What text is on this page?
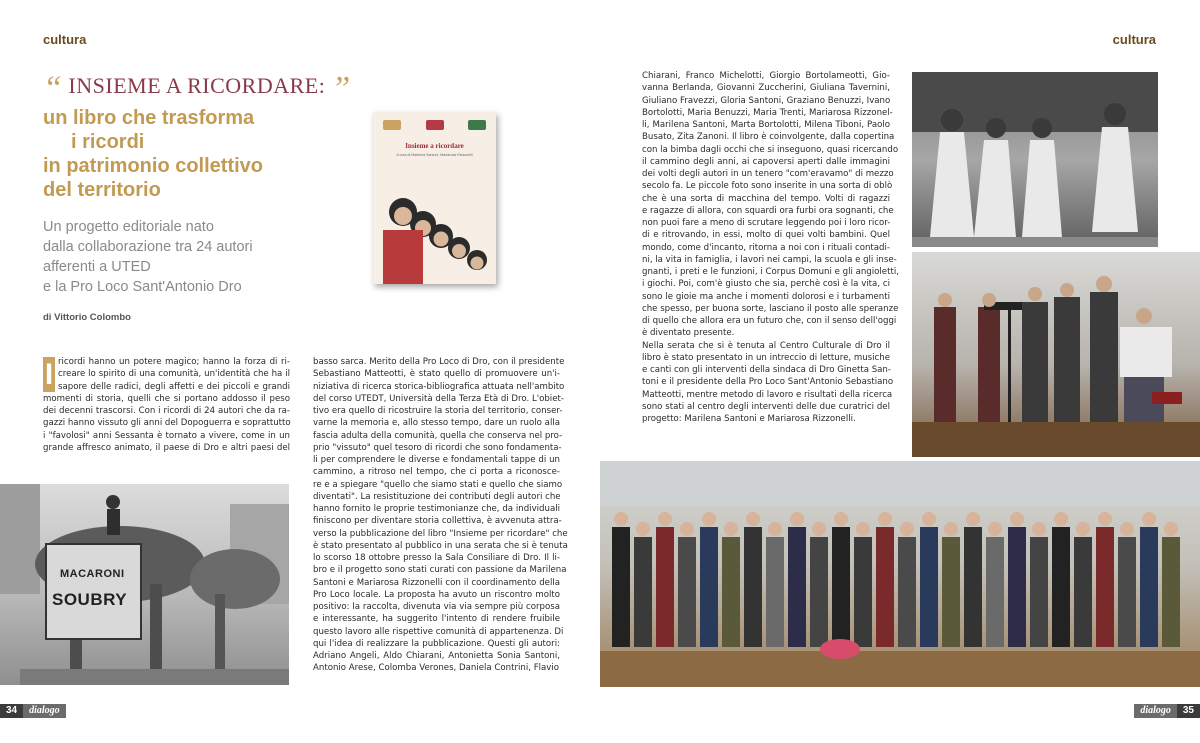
cultura	cultura
“ INSIEME A RICORDARE: ”
un libro che trasforma
i ricordi
in patrimonio collettivo
del territorio
Un progetto editoriale nato
dalla collaborazione tra 24 autori
afferenti a UTED
e la Pro Loco Sant'Antonio Dro
di Vittorio Colombo
Insieme a ricordare
A cura di Marilena Santoni, Mariarosa Rizzonelli
I ricordi hanno un potere magico; hanno la forza di ri-
creare lo spirito di una comunità, un'identità che ha il
sapore delle radici, degli affetti e dei piccoli e grandi
momenti di storia, quelli che si portano addosso il peso
dei decenni trascorsi. Con i ricordi di 24 autori che da ra-
gazzi hanno vissuto gli anni del Dopoguerra e soprattutto
i "favolosi" anni Sessanta è tornato a vivere, come in un
grande affresco animato, il paese di Dro e altri paesi del
basso sarca. Merito della Pro Loco di Dro, con il presidente
Sebastiano Matteotti, è stato quello di promuovere un'i-
niziativa di ricerca storica-bibliografica attuata nell'ambito
del corso UTEDT, Università della Terza Età di Dro. L'obiet-
tivo era quello di ricostruire la storia del territorio, conser-
varne la memoria e, allo stesso tempo, dare un ruolo alla
fascia adulta della comunità, quella che conserva nel pro-
prio "vissuto" quel tesoro di ricordi che sono fondamenta-
li per comprendere le diverse e fondamentali tappe di un
cammino, a ritroso nel tempo, che ci porta a riconosce-
re e a spiegare "quello che siamo stati e quello che siamo
diventati". La resistituzione dei contributi degli autori che
hanno fornito le proprie testimonianze che, da individuali
finiscono per diventare storia collettiva, è avvenuta attra-
verso la pubblicazione del libro "Insieme per ricordare" che
è stato presentato al pubblico in una serata che si è tenuta
lo scorso 18 ottobre presso la Sala Consiliare di Dro. Il li-
bro e il progetto sono stati curati con passione da Marilena
Santoni e Mariarosa Rizzonelli con il coordinamento della
Pro Loco locale. La proposta ha avuto un riscontro molto
positivo: la raccolta, divenuta via via sempre più corposa
e interessante, ha suggerito l'intento di rendere fruibile
questo lavoro alle rispettive comunità di appartenenza. Di
qui l'idea di realizzare la pubblicazione. Questi gli autori:
Adriano Angeli, Aldo Chiarani, Antonietta Sonia Santoni,
Antonio Arese, Colomba Verones, Daniela Contrini, Flavio
Chiarani, Franco Michelotti, Giorgio Bortolameotti, Gio-
vanna Berlanda, Giovanni Zuccherini, Giuliana Tavernini,
Giuliano Fravezzi, Gloria Santoni, Graziano Benuzzi, Ivano
Bortolotti, Maria Benuzzi, Maria Trenti, Mariarosa Rizzonel-
li, Marilena Santoni, Marta Bortolotti, Milena Tiboni, Paolo
Busato, Zita Zanoni. Il libro è coinvolgente, dalla copertina
con la bimba dagli occhi che si inseguono, quasi ricercando
il cammino degli anni, ai capoversi aperti dalle immagini
dei volti degli autori in un tenero "com'eravamo" di mezzo
secolo fa. Le piccole foto sono inserite in una sorta di oblò
che è una sorta di macchina del tempo. Volti di ragazzi
e ragazze di allora, con squardi ora furbi ora sognanti, che
non puoi fare a meno di scrutare leggendo poi i loro ricor-
di e ritrovando, in essi, molto di quei volti bambini. Quel
mondo, come d'incanto, ritorna a noi con i rituali contadi-
ni, la vita in famiglia, i lavori nei campi, la scuola e gli inse-
gnanti, i preti e le funzioni, i Corpus Domuni e gli angioletti,
i giochi. Poi, com'è giusto che sia, perchè così è la vita, ci
sono le gioie ma anche i momenti dolorosi e i turbamenti
che spesso, per buona sorte, lasciano il posto alle speranze
di quello che allora era un futuro che, con il senso dell'oggi
è diventato presente.
Nella serata che si è tenuta al Centro Culturale di Dro il
libro è stato presentato in un intreccio di letture, musiche
e canti con gli interventi della sindaca di Dro Ginetta San-
toni e il presidente della Pro Loco Sant'Antonio Sebastiano
Matteotti, mentre metodo di lavoro e risultati della ricerca
sono stati al centro degli interventi delle due curatrici del
progetto: Marilena Santoni e Mariarosa Rizzonelli.
MACARONI
SOUBRY
34	dialogo	dialogo	35
